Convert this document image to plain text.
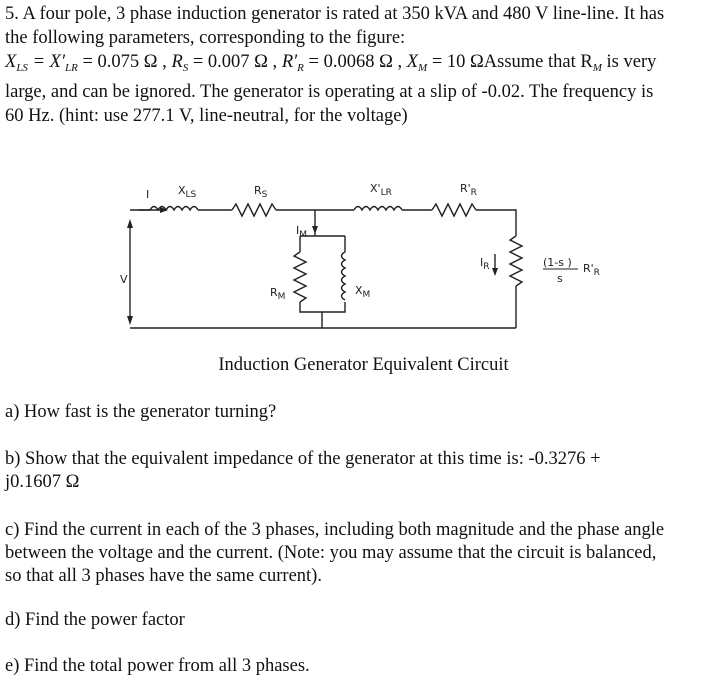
5. A four pole, 3 phase induction generator is rated at 350 kVA and 480 V line-line. It has
the following parameters, corresponding to the figure:
$X_{LS} = X'_{LR} = 0.075$ Ω , $R_S = 0.007$ Ω , $R'_R = 0.0068$ Ω , $X_M = 10$ ΩAssume that $R_M$ is very
large, and can be ignored. The generator is operating at a slip of -0.02. The frequency is
60 Hz. (hint: use 277.1 V, line-neutral, for the voltage)
I	$X_{LS}$	$R_S$	$X'_{LR}$	$R'_R$
$I_M$
$I_R$
V
$R_M$	$X_M$
(1-s )
s
$R'_R$
Induction Generator Equivalent Circuit
a) How fast is the generator turning?
b) Show that the equivalent impedance of the generator at this time is: -0.3276 +
j0.1607 Ω
c) Find the current in each of the 3 phases, including both magnitude and the phase angle
between the voltage and the current. (Note: you may assume that the circuit is balanced,
so that all 3 phases have the same current).
d) Find the power factor
e) Find the total power from all 3 phases.
